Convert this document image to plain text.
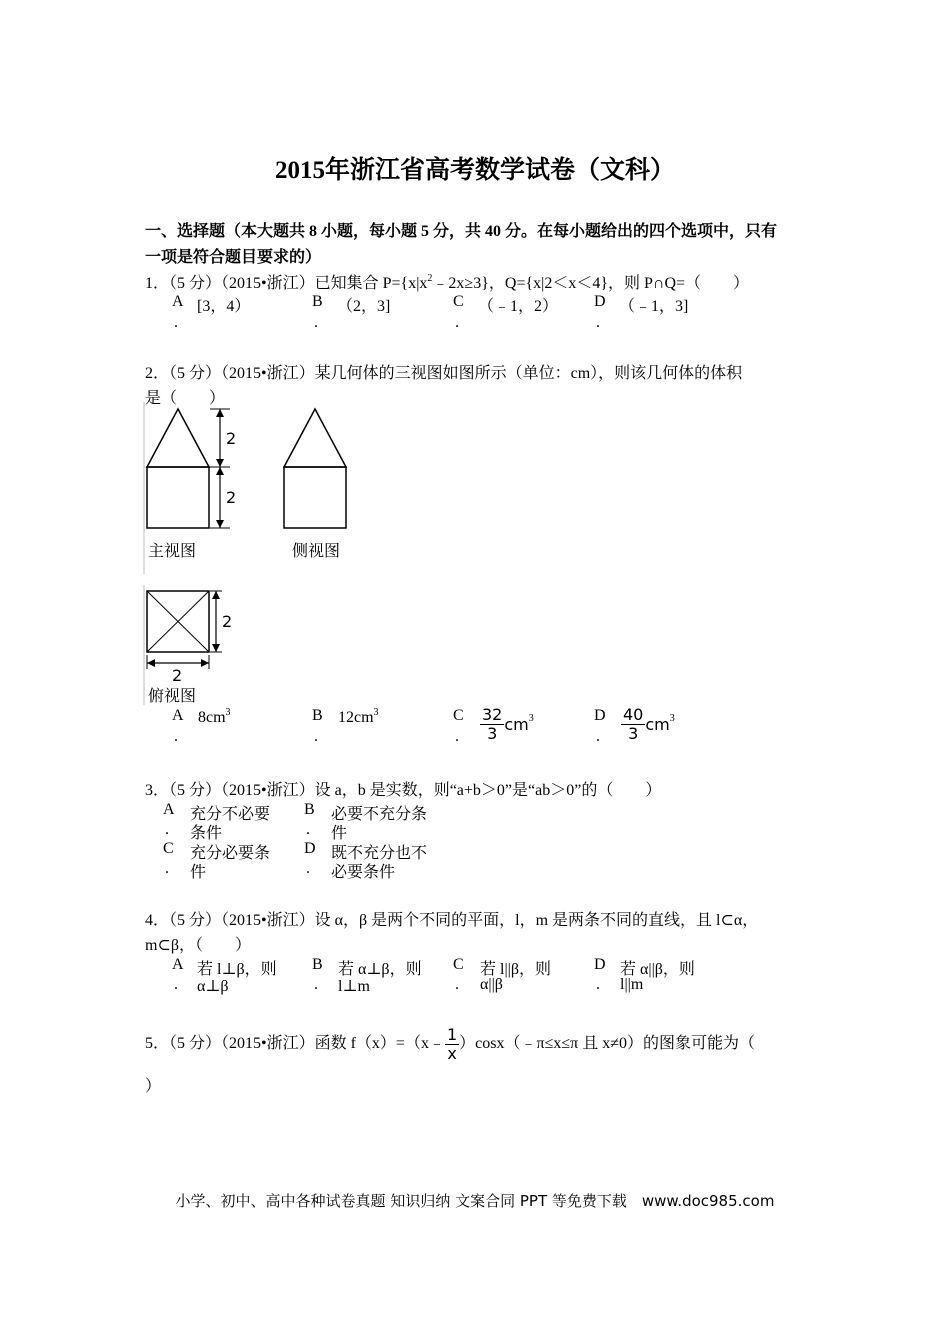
2015年浙江省高考数学试卷（文科）
一、选择题（本大题共 8 小题，每小题 5 分，共 40 分。在每小题给出的四个选项中，只有
一项是符合题目要求的）
1．（5 分）（2015•浙江）已知集合 $P=\{x|x^2﹣2x\ge 3\}$，Q={x|2＜x＜4}，则 P∩Q=（　　）
A
.
[3，4）	B
.
（2，3]	C
.
（﹣1，2） D
.
（﹣1，3]
2．（5 分）（2015•浙江）某几何体的三视图如图所示（单位：cm），则该几何体的体积
是（　　）
2
2
主视图	侧视图
2
2
俯视图
A
.
$8cm^3$	B
.
$12cm^3$	C
. $\frac{32}{3} cm^3$	D
. $\frac{40}{3} cm^3$
3．（5 分）（2015•浙江）设 a，b 是实数，则“a+b＞0”是“ab＞0”的（　　）
A
.
充分不必要
条件
B
.
必要不充分条
件
C
.
充分必要条
件
D
.
既不充分也不
必要条件
4．（5 分）（2015•浙江）设 α，β 是两个不同的平面，l，m 是两条不同的直线，且 l⊂α，
m⊂β，（　　）
A
.
若 l⊥β，则
α⊥β
B
.
若 α⊥β，则
l⊥m
C
.
若 l||β，则
α||β
D
.
若 α||β，则
l||m
5．（5 分）（2015•浙江）函数 f（x）=（x﹣ $\frac{1}{x}$ ）cosx（﹣π≤x≤π 且 x≠0）的图象可能为（
）
小学、初中、高中各种试卷真题 知识归纳 文案合同 PPT 等免费下载　www.doc985.com
